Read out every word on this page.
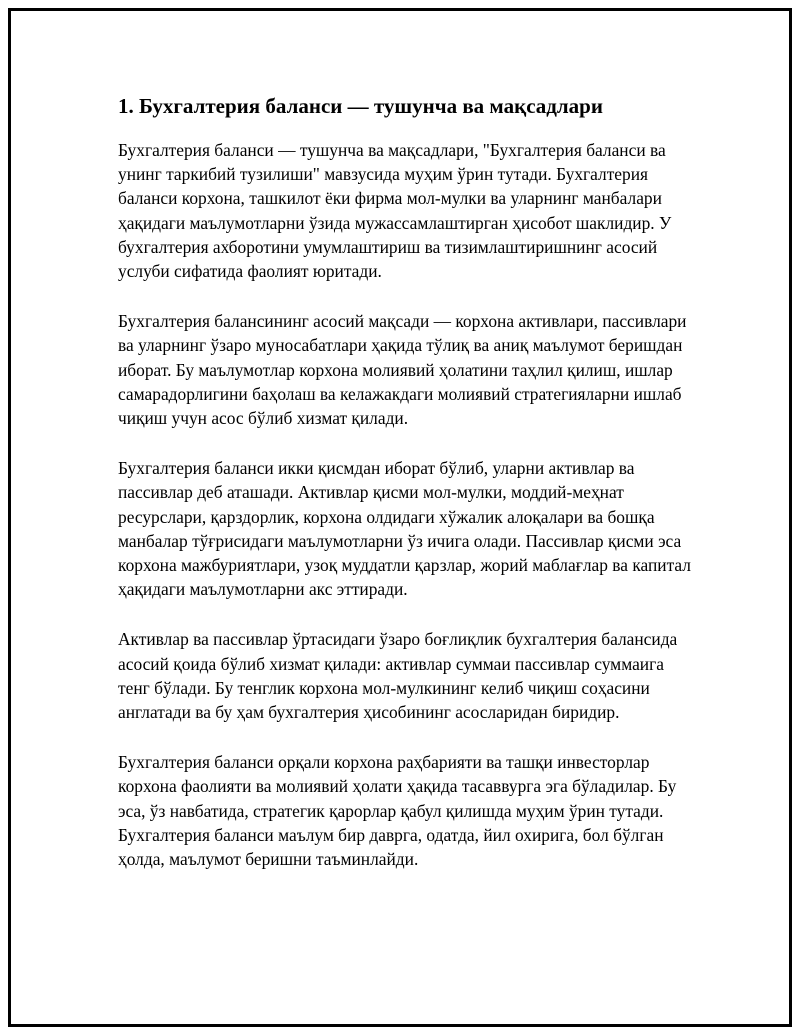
1. Бухгалтерия баланси — тушунча ва мақсадлари

Бухгалтерия баланси — тушунча ва мақсадлари, "Бухгалтерия баланси ва унинг таркибий тузилиши" мавзусида муҳим ўрин тутади. Бухгалтерия баланси корхона, ташкилот ёки фирма мол-мулки ва уларнинг манбалари ҳақидаги маълумотларни ўзида мужассамлаштирган ҳисобот шаклидир. У бухгалтерия ахборотини умумлаштириш ва тизимлаштиришнинг асосий услуби сифатида фаолият юритади.

Бухгалтерия балансининг асосий мақсади — корхона активлари, пассивлари ва уларнинг ўзаро муносабатлари ҳақида тўлиқ ва аниқ маълумот беришдан иборат. Бу маълумотлар корхона молиявий ҳолатини таҳлил қилиш, ишлар самарадорлигини баҳолаш ва келажакдаги молиявий стратегияларни ишлаб чиқиш учун асос бўлиб хизмат қилади.

Бухгалтерия баланси икки қисмдан иборат бўлиб, уларни активлар ва пассивлар деб аташади. Активлар қисми мол-мулки, моддий-меҳнат ресурслари, қарздорлик, корхона олдидаги хўжалик алоқалари ва бошқа манбалар тўғрисидаги маълумотларни ўз ичига олади. Пассивлар қисми эса корхона мажбуриятлари, узоқ муддатли қарзлар, жорий маблағлар ва капитал ҳақидаги маълумотларни акс эттиради.

Активлар ва пассивлар ўртасидаги ўзаро боғлиқлик бухгалтерия балансида асосий қоида бўлиб хизмат қилади: активлар суммаи пассивлар суммаига тенг бўлади. Бу тенглик корхона мол-мулкининг келиб чиқиш соҳасини англатади ва бу ҳам бухгалтерия ҳисобининг асосларидан биридир.

Бухгалтерия баланси орқали корхона раҳбарияти ва ташқи инвесторлар корхона фаолияти ва молиявий ҳолати ҳақида тасаввурга эга бўладилар. Бу эса, ўз навбатида, стратегик қарорлар қабул қилишда муҳим ўрин тутади. Бухгалтерия баланси маълум бир даврга, одатда, йил охирига, бол бўлган ҳолда, маълумот беришни таъминлайди.
